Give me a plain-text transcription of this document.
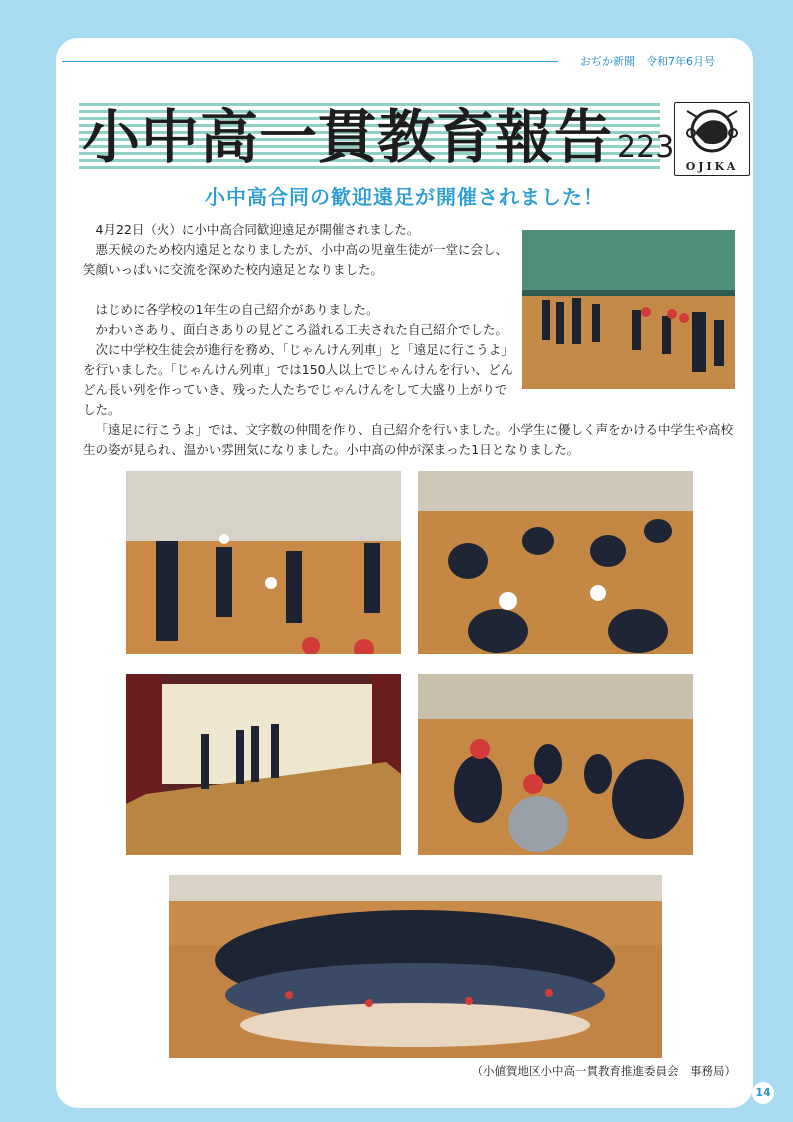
おぢか新聞　令和7年6月号
小中高一貫教育報告 223
OJIKA
小中高合同の歓迎遠足が開催されました！

4月22日（火）に小中高合同歓迎遠足が開催されました。

悪天候のため校内遠足となりましたが、小中高の児童生徒が一堂に会し、笑顔いっぱいに交流を深めた校内遠足となりました。

はじめに各学校の1年生の自己紹介がありました。

かわいさあり、面白さありの見どころ溢れる工夫された自己紹介でした。

次に中学校生徒会が進行を務め、「じゃんけん列車」と「遠足に行こうよ」を行いました。「じゃんけん列車」では150人以上でじゃんけんを行い、どんどん長い列を作っていき、残った人たちでじゃんけんをして大盛り上がりでした。

「遠足に行こうよ」では、文字数の仲間を作り、自己紹介を行いました。小学生に優しく声をかける中学生や高校生の姿が見られ、温かい雰囲気になりました。小中高の仲が深まった1日となりました。

（小値賀地区小中高一貫教育推進委員会　事務局）
14
